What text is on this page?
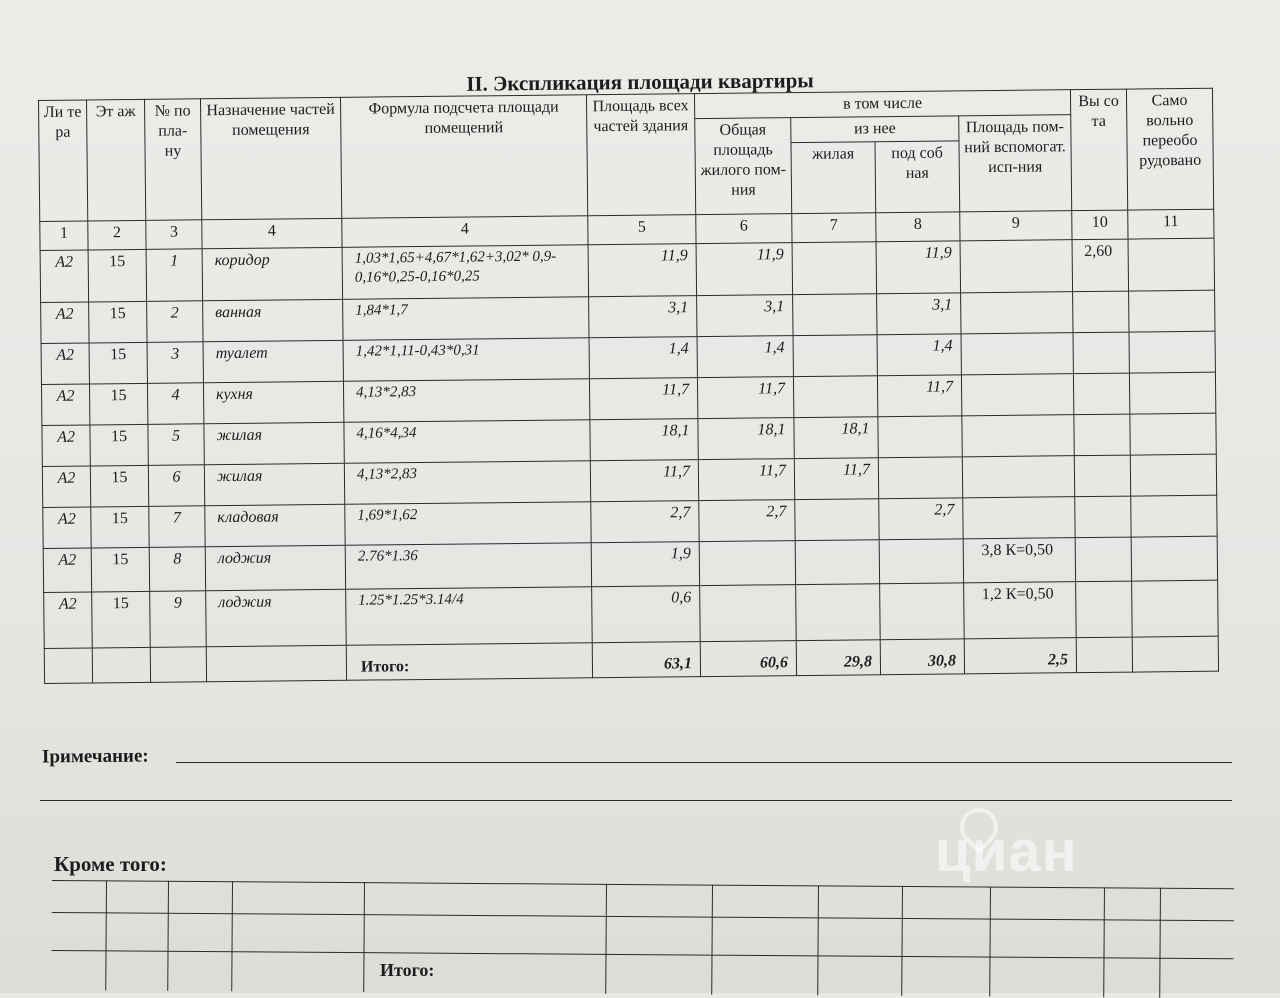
II. Экспликация площади квартиры
Ли те ра	Эт аж	№ по пла- ну	Назначение частей помещения	Формула подсчета площади помещений	Площадь всех частей здания	в том числе				Вы со та	Само вольно переобо рудовано
						Общая площадь жилого пом-ния	из нее		Площадь пом-ний вспомогат. исп-ния		
							жилая	под соб ная			
1	2	3	4	4	5	6	7	8	9	10	11
А2	15	1	коридор	1,03*1,65+4,67*1,62+3,02* 0,9-0,16*0,25-0,16*0,25	11,9	11,9		11,9		2,60	
А2	15	2	ванная	1,84*1,7	3,1	3,1		3,1			
А2	15	3	туалет	1,42*1,11-0,43*0,31	1,4	1,4		1,4			
А2	15	4	кухня	4,13*2,83	11,7	11,7		11,7			
А2	15	5	жилая	4,16*4,34	18,1	18,1	18,1				
А2	15	6	жилая	4,13*2,83	11,7	11,7	11,7				
А2	15	7	кладовая	1,69*1,62	2,7	2,7		2,7			
А2	15	8	лоджия	2.76*1.36	1,9				3,8 К=0,50		
А2	15	9	лоджия	1.25*1.25*3.14/4	0,6				1,2 К=0,50		
				Итого:	63,1	60,6	29,8	30,8	2,5		
Iримечание:
Кроме того:
Итого:
циан
